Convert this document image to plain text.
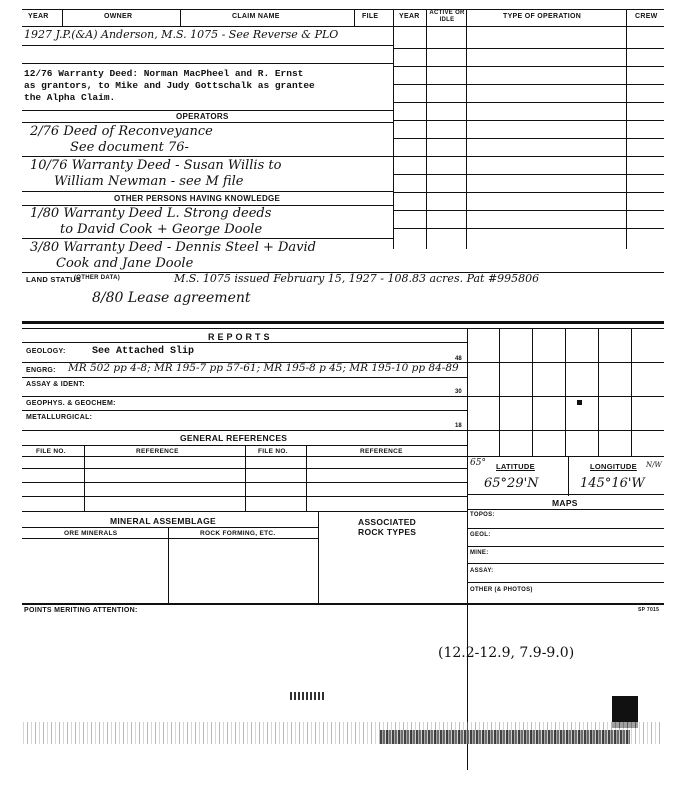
YEAR	OWNER	CLAIM NAME	FILE	YEAR ACTIVE OR IDLE	TYPE OF OPERATION	CREW
1927 J.P.(&A) Anderson, M.S. 1075 - See Reverse & PLO
12/76 Warranty Deed: Norman MacPheel and R. Ernst
as grantors, to Mike and Judy Gottschalk as grantee
the Alpha Claim.
OPERATORS
2/76 Deed of Reconveyance
See document 76-
10/76 Warranty Deed - Susan Willis to
William Newman - see M file
OTHER PERSONS HAVING KNOWLEDGE
1/80 Warranty Deed L. Strong deeds
to David Cook + George Doole
3/80 Warranty Deed - Dennis Steel + David
Cook and Jane Doole
LAND STATUS
(OTHER DATA)	M.S. 1075 issued February 15, 1927 - 108.83 acres. Pat #995806
8/80 Lease agreement
REPORTS
GEOLOGY:	See Attached Slip
48
ENGRG: MR 502 pp 4-8; MR 195-7 pp 57-61; MR 195-8 p 45; MR 195-10 pp 84-89
ASSAY & IDENT:
30
GEOPHYS. & GEOCHEM:
METALLURGICAL:
18
GENERAL REFERENCES
FILE NO.	REFERENCE	FILE NO.	REFERENCE
65° LATITUDE	LONGITUDE N/W
65°29'N	145°16'W
MAPS
TOPOS:
GEOL:
MINE:
ASSAY:
OTHER (& PHOTOS)
MINERAL ASSEMBLAGE	ASSOCIATED
ROCK TYPES
ORE MINERALS	ROCK FORMING, ETC.
POINTS MERITING ATTENTION:	SP 7015
(12.2-12.9, 7.9-9.0)
